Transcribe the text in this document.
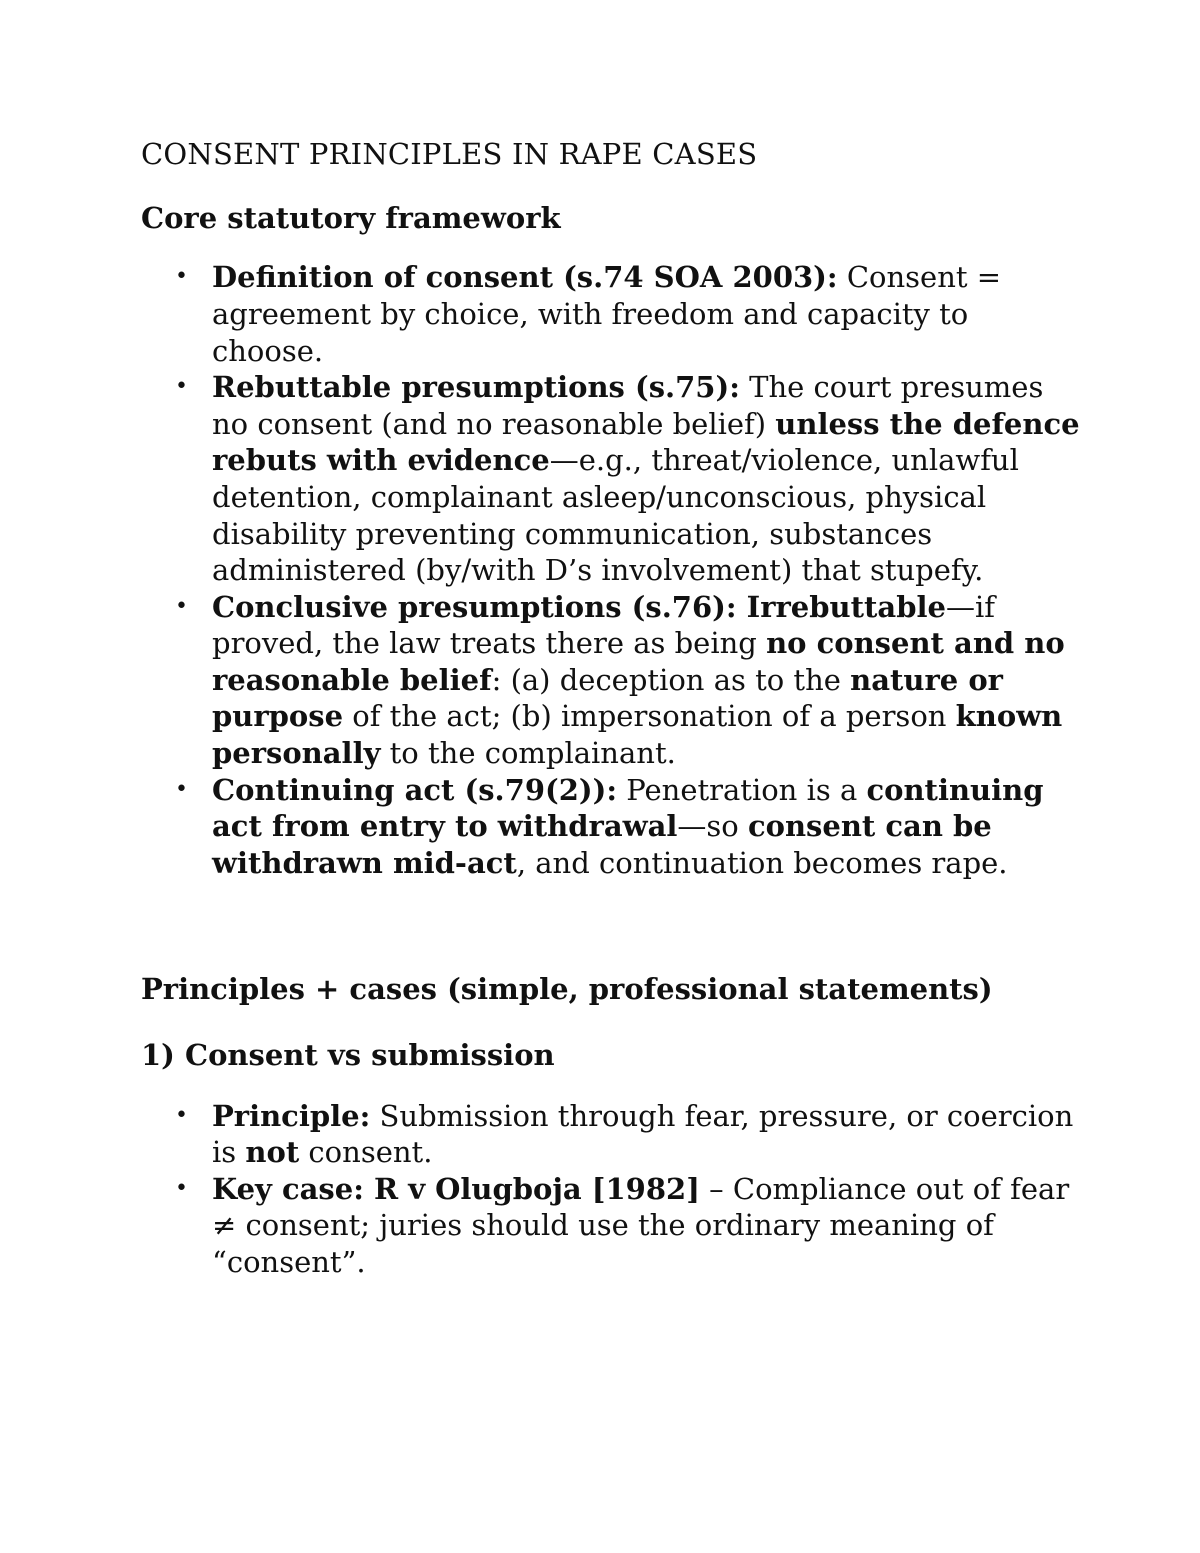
CONSENT PRINCIPLES IN RAPE CASES
Core statutory framework
• Definition of consent (s.74 SOA 2003): Consent = agreement by choice, with freedom and capacity to choose.
• Rebuttable presumptions (s.75): The court presumes no consent (and no reasonable belief) unless the defence rebuts with evidence—e.g., threat/violence, unlawful detention, complainant asleep/unconscious, physical disability preventing communication, substances administered (by/with D’s involvement) that stupefy.
• Conclusive presumptions (s.76): Irrebuttable—if proved, the law treats there as being no consent and no reasonable belief: (a) deception as to the nature or purpose of the act; (b) impersonation of a person known personally to the complainant.
• Continuing act (s.79(2)): Penetration is a continuing act from entry to withdrawal—so consent can be withdrawn mid-act, and continuation becomes rape.
Principles + cases (simple, professional statements)
1) Consent vs submission
• Principle: Submission through fear, pressure, or coercion is not consent.
• Key case: R v Olugboja [1982] – Compliance out of fear ≠ consent; juries should use the ordinary meaning of “consent”.
